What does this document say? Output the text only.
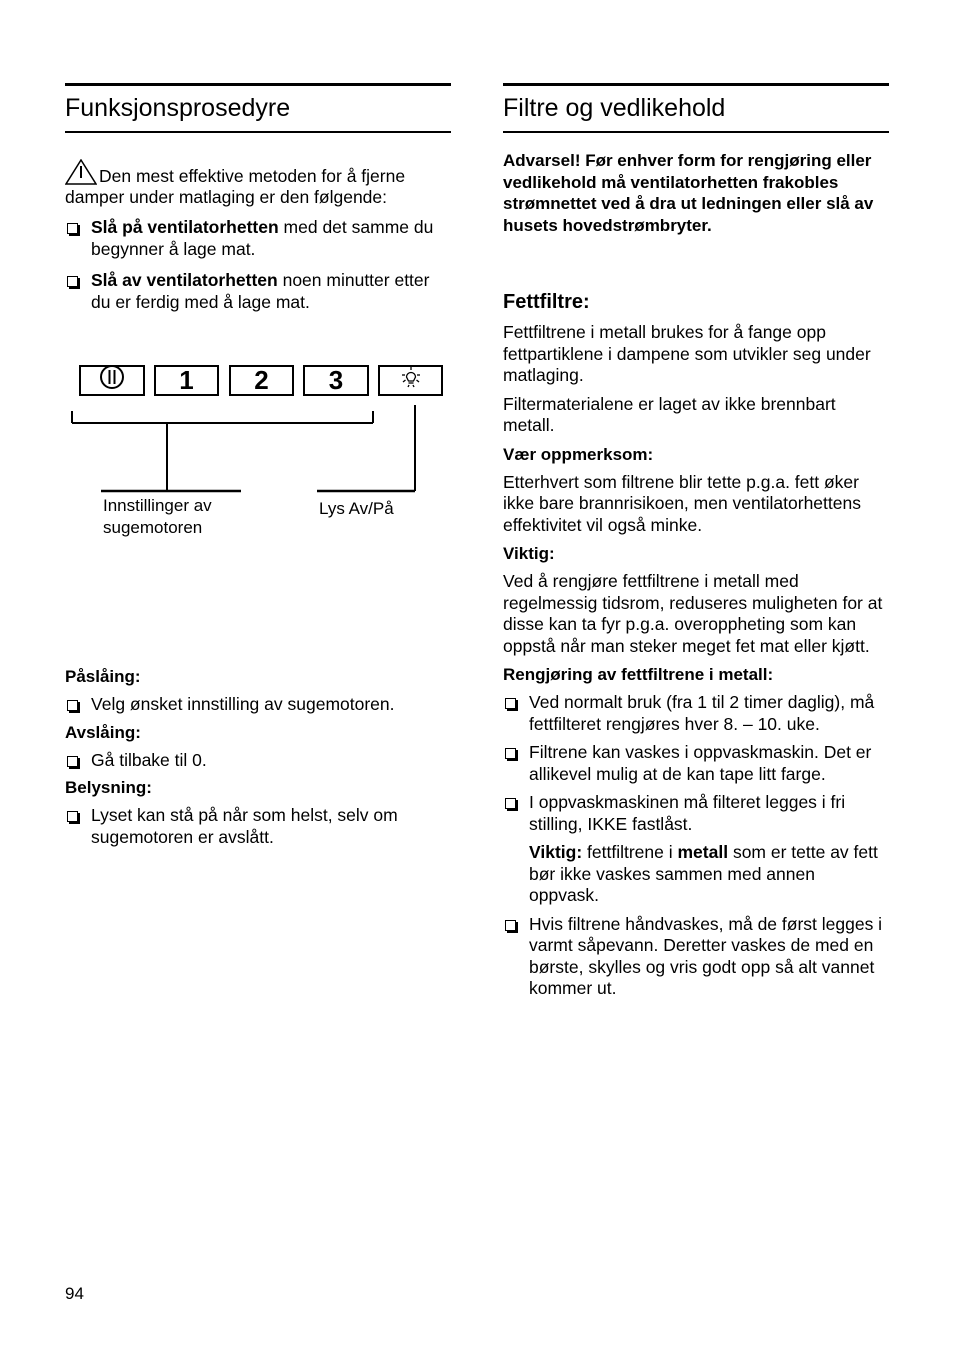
Funksjonsprosedyre

Den mest effektive metoden for å fjerne damper under matlaging er den følgende:

Slå på ventilatorhetten med det samme du begynner å lage mat.
Slå av ventilatorhetten noen minutter etter du er ferdig med å lage mat.
1 2 3
Innstillinger av sugemotoren
Lys Av/På

Påslåing:

Velg ønsket innstilling av sugemotoren.

Avslåing:

Gå tilbake til 0.

Belysning:

Lyset kan stå på når som helst, selv om sugemotoren er avslått.
Filtre og vedlikehold

Advarsel! Før enhver form for rengjøring eller vedlikehold må ventilatorhetten frakobles strømnettet ved å dra ut ledningen eller slå av husets hovedstrømbryter.

Fettfiltre:

Fettfiltrene i metall brukes for å fange opp fettpartiklene i dampene som utvikler seg under matlaging.

Filtermaterialene er laget av ikke brennbart metall.

Vær oppmerksom:

Etterhvert som filtrene blir tette p.g.a. fett øker ikke bare brannrisikoen, men ventilatorhettens effektivitet vil også minke.

Viktig:

Ved å rengjøre fettfiltrene i metall med regelmessig tidsrom, reduseres muligheten for at disse kan ta fyr p.g.a. overoppheting som kan oppstå når man steker meget fet mat eller kjøtt.

Rengjøring av fettfiltrene i metall:

Ved normalt bruk (fra 1 til 2 timer daglig), må fettfilteret rengjøres hver 8. – 10. uke.
Filtrene kan vaskes i oppvaskmaskin. Det er allikevel mulig at de kan tape litt farge.
I oppvaskmaskinen må filteret legges i fri stilling, IKKE fastlåst.

Viktig: fettfiltrene i metall som er tette av fett bør ikke vaskes sammen med annen oppvask.

Hvis filtrene håndvaskes, må de først legges i varmt såpevann. Deretter vaskes de med en børste, skylles og vris godt opp så alt vannet kommer ut.
94
